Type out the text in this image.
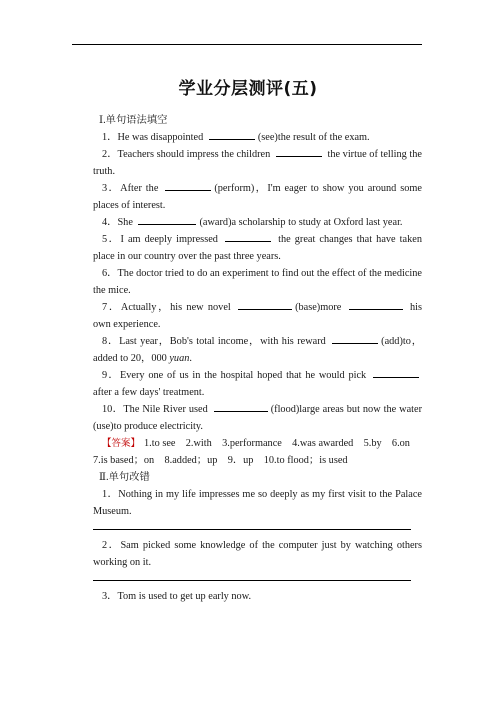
学业分层测评(五)

Ⅰ.单句语法填空

1．He was disappointed	(see)the result of the exam.

2．Teachers should impress the children	the virtue of telling the truth.

3．After the	(perform)，I'm eager to show you around some places of interest.

4．She	(award)a scholarship to study at Oxford last year.

5．I am deeply impressed	the great changes that have taken place in our country over the past three years.

6．The doctor tried to do an experiment to find out the effect of the medicine the mice.

7．Actually，his new novel	(base)more	his own experience.

8．Last year，Bob's total income，with his reward	(add)to，added to 20，000 yuan.

9．Every one of us in the hospital hoped that he would pick  after a few days' treatment.

10．The Nile River used	(flood)large areas but now the water (use)to produce electricity.

【答案】 1.to see　2.with　3.performance　4.was awarded　5.by　6.on　7.is based；on　8.added；up　9．up　10.to flood；is used

Ⅱ.单句改错

1．Nothing in my life impresses me so deeply as my first visit to the Palace Museum.

2．Sam picked some knowledge of the computer just by watching others working on it.

3．Tom is used to get up early now.
